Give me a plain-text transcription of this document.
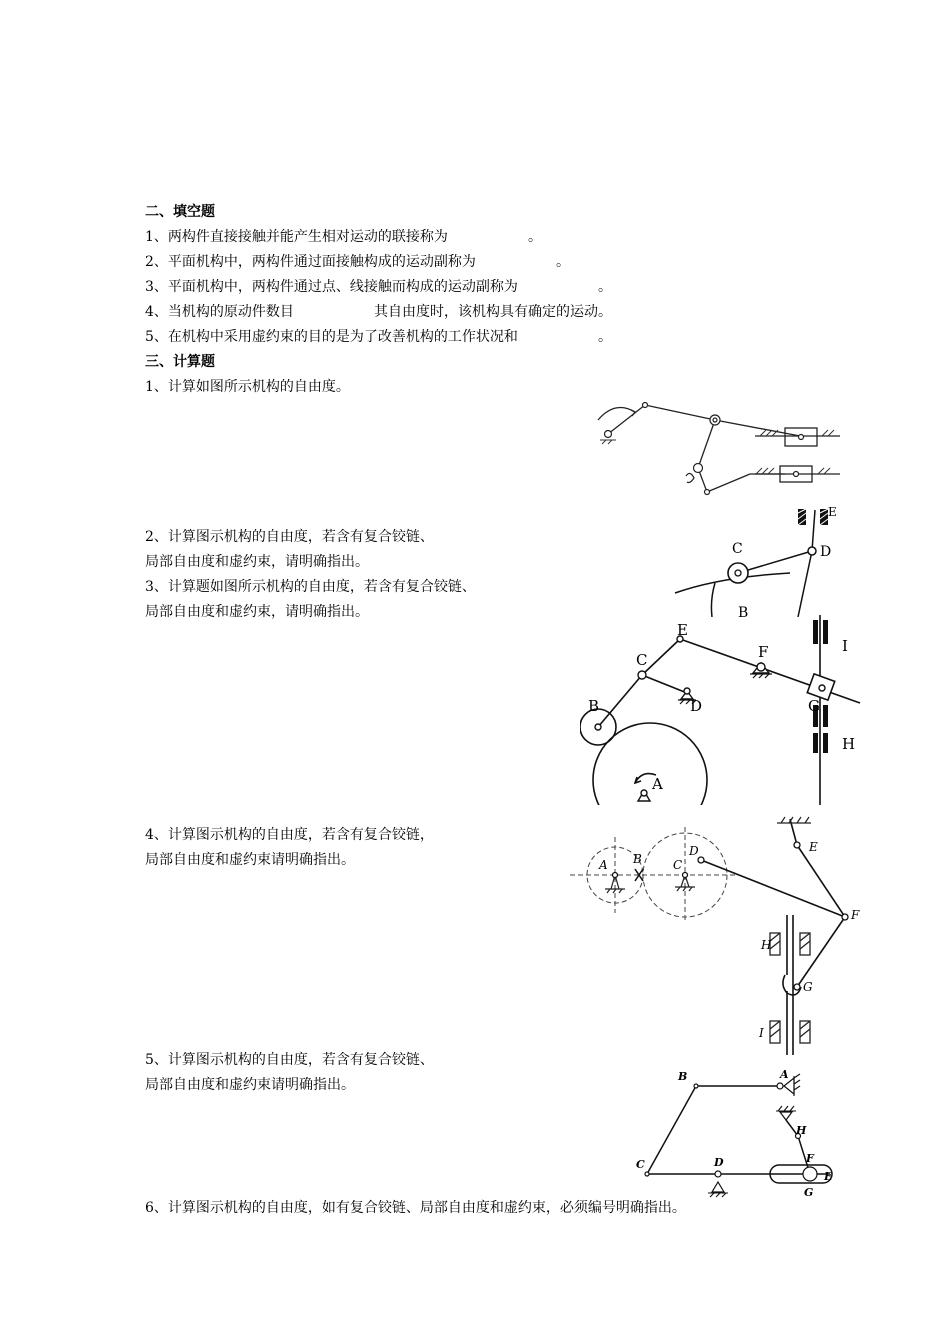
二、填空题
1、两构件直接接触并能产生相对运动的联接称为                  。
2、平面机构中，两构件通过面接触构成的运动副称为                  。
3、平面机构中，两构件通过点、线接触而构成的运动副称为                  。
4、当机构的原动件数目                  其自由度时，该机构具有确定的运动。
5、在机构中采用虚约束的目的是为了改善机构的工作状况和                  。
三、计算题
1、计算如图所示机构的自由度。
2、计算图示机构的自由度，若含有复合铰链、
局部自由度和虚约束，请明确指出。
3、计算题如图所示机构的自由度，若含有复合铰链、
局部自由度和虚约束，请明确指出。
4、计算图示机构的自由度，若含有复合铰链，
局部自由度和虚约束请明确指出。
5、计算图示机构的自由度，若含有复合铰链、
局部自由度和虚约束请明确指出。
6、计算图示机构的自由度，如有复合铰链、局部自由度和虚约束，必须编号明确指出。
C	D
E
B
E
C	F	I
B	D	G
H
A
A B	C
D	E
F
H
G
I
B	A
H
C	D	F
E
G
